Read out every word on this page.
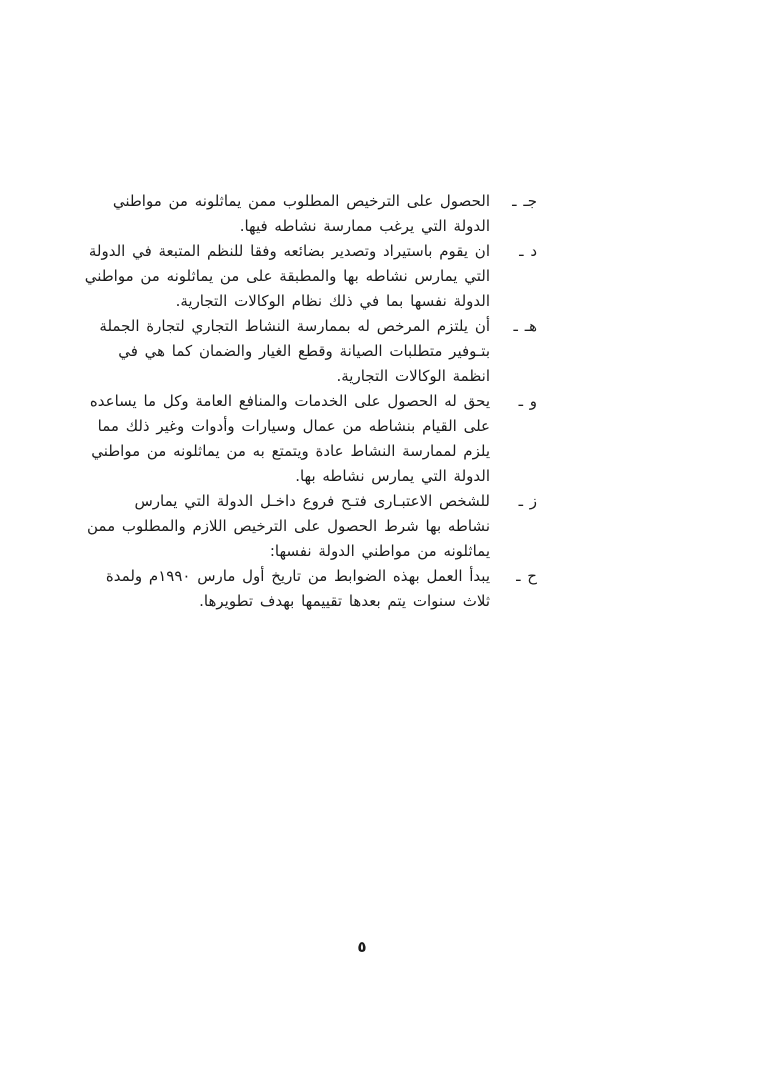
جـ ـ
الحصول على الترخيص المطلوب ممن يماثلونه من مواطني
الدولة التي يرغب ممارسة نشاطه فيها.
د ـ
ان يقوم باستيراد وتصدير بضائعه وفقا للنظم المتبعة في الدولة
التي يمارس نشاطه بها والمطبقة على من يماثلونه من مواطني
الدولة نفسها بما في ذلك نظام الوكالات التجارية.
هـ ـ
أن يلتزم المرخص له بممارسة النشاط التجاري لتجارة الجملة
بتـوفير متطلبات الصيانة وقطع الغيار والضمان كما هي في
انظمة الوكالات التجارية.
و ـ
يحق له الحصول على الخدمات والمنافع العامة وكل ما يساعده
على القيام بنشاطه من عمال وسيارات وأدوات وغير ذلك مما
يلزم لممارسة النشاط عادة ويتمتع به من يماثلونه من مواطني
الدولة التي يمارس نشاطه بها.
ز ـ
للشخص الاعتبـارى فتـح فروع داخـل الدولة التي يمارس
نشاطه بها شرط الحصول على الترخيص اللازم والمطلوب ممن
يماثلونه من مواطني الدولة نفسها:
ح ـ
يبدأ العمل بهذه الضوابط من تاريخ أول مارس ١٩٩٠م ولمدة
ثلاث سنوات يتم بعدها تقييمها بهدف تطويرها.
٥
